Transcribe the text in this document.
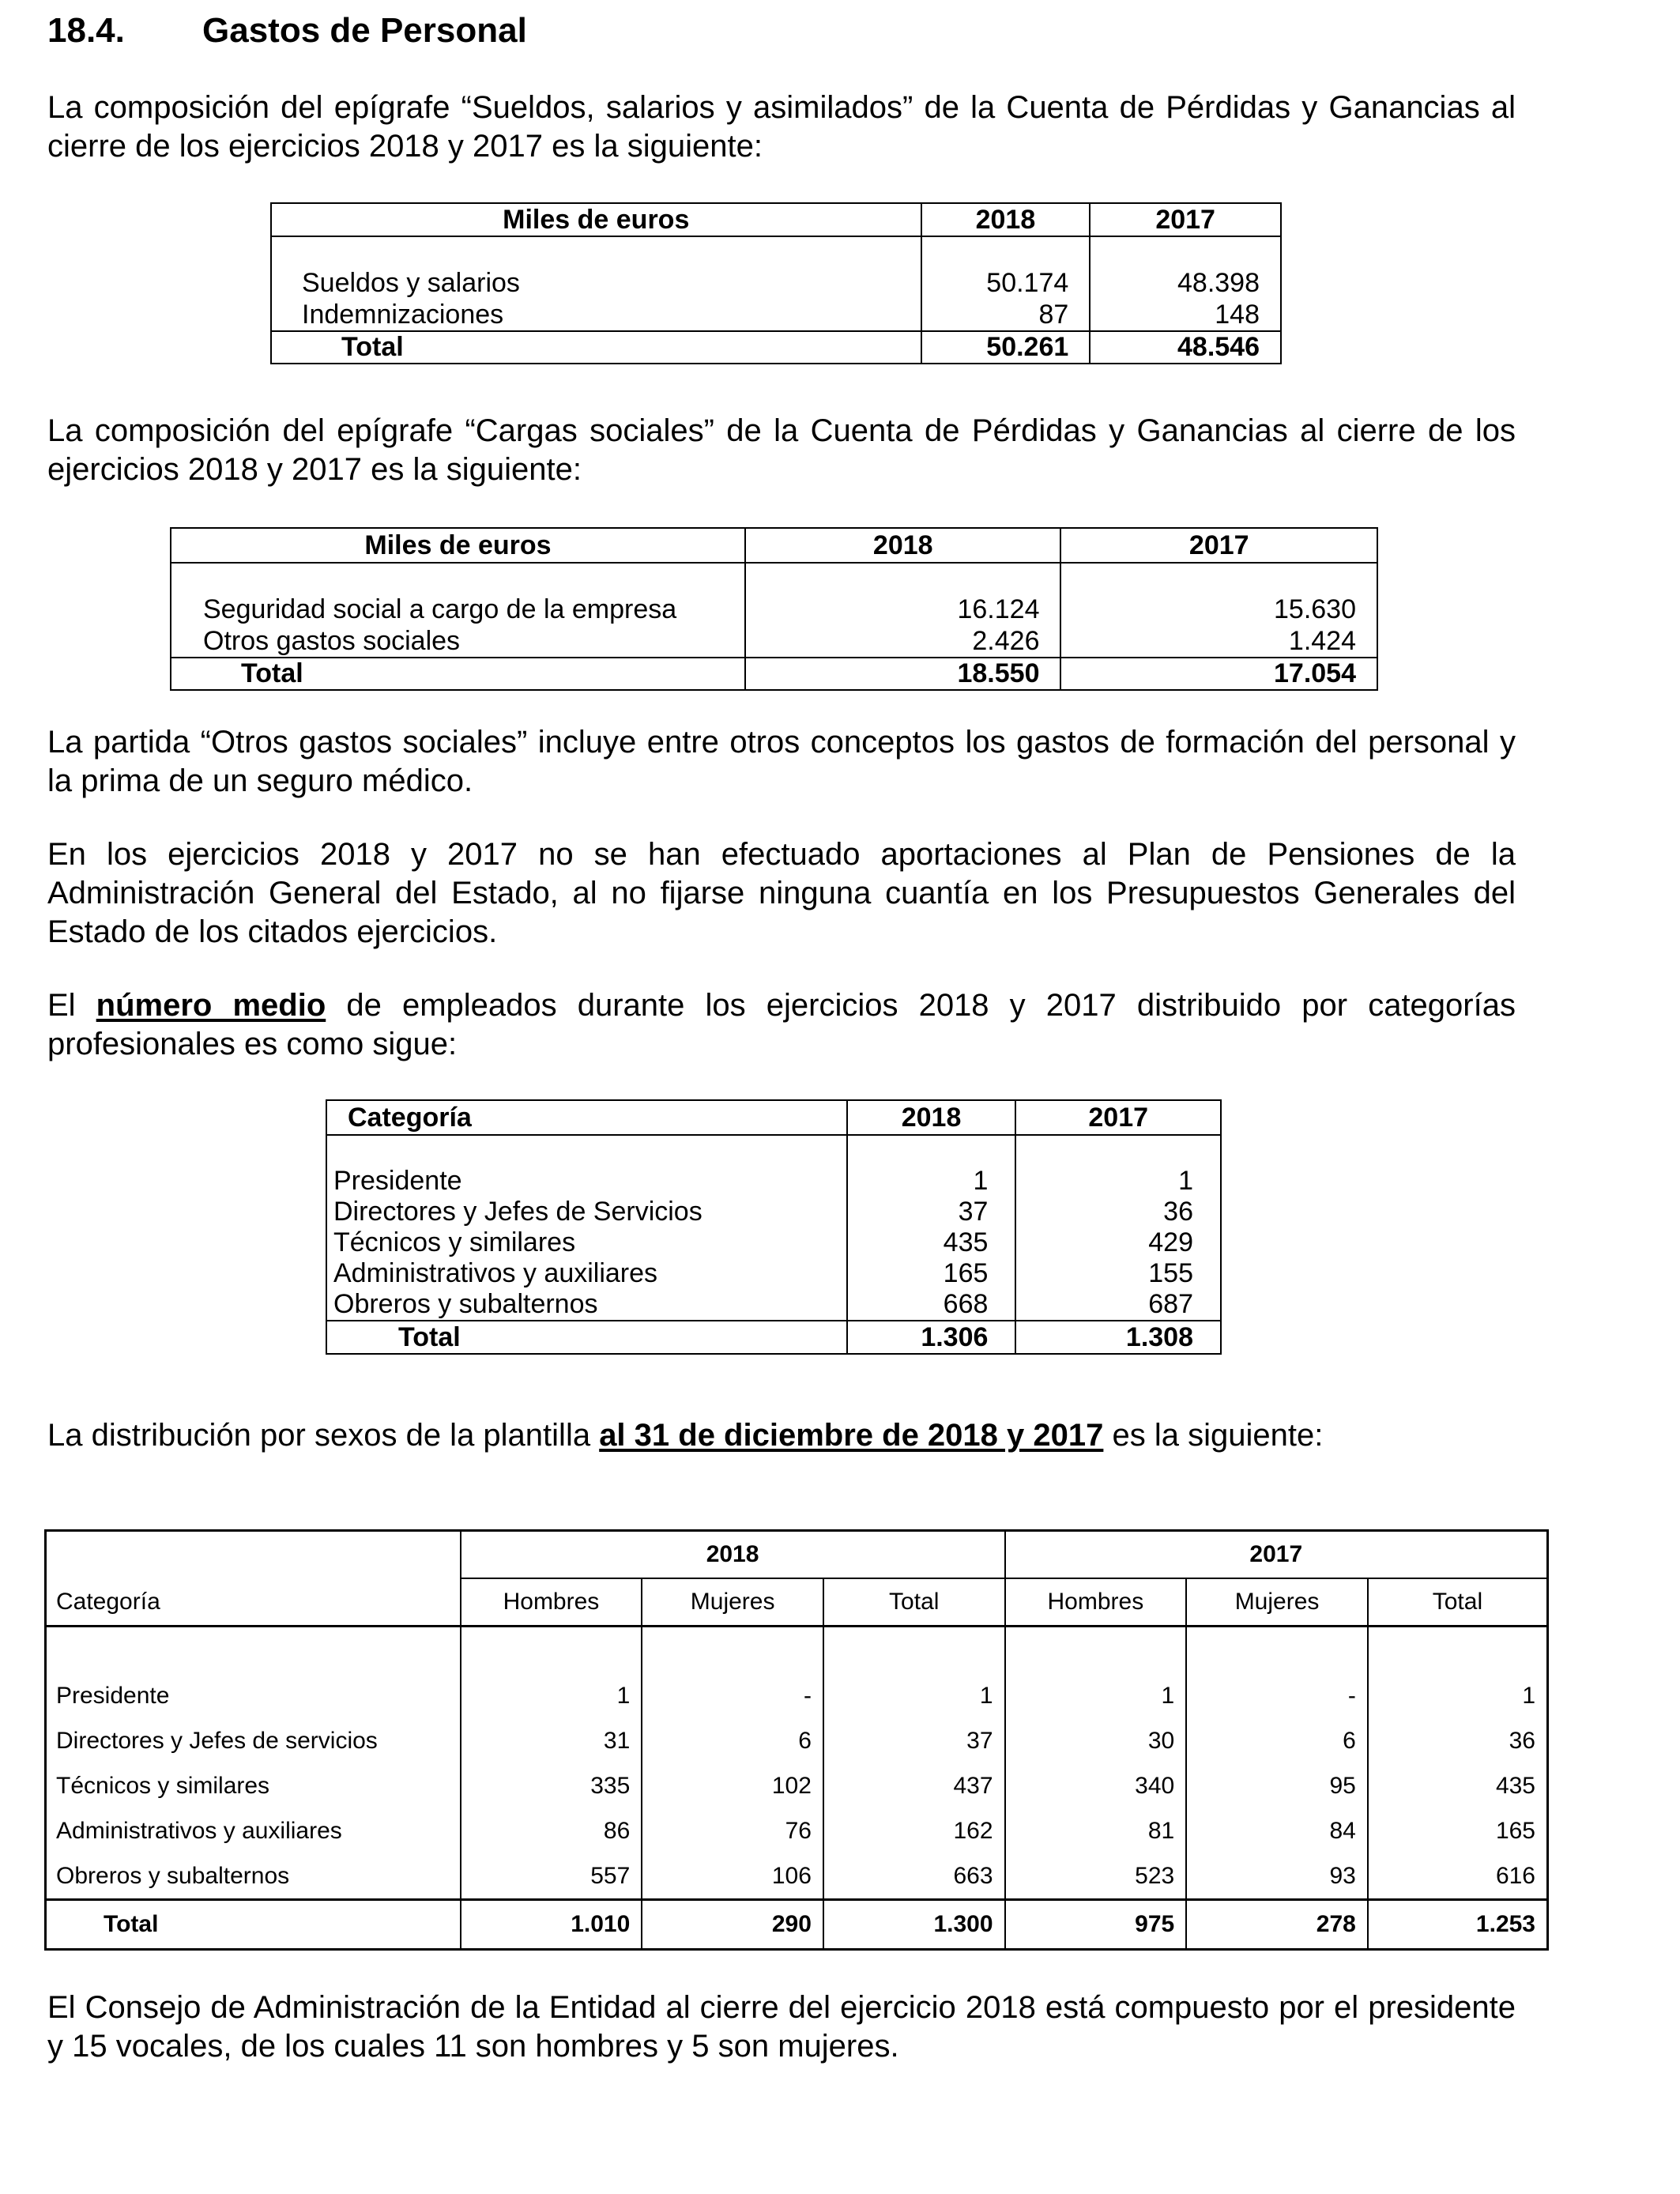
18.4. Gastos de Personal

La composición del epígrafe “Sueldos, salarios y asimilados” de la Cuenta de Pérdidas y Ganancias al cierre de los ejercicios 2018 y 2017 es la siguiente:

Miles de euros	2018	2017

Sueldos y salarios	50.174	48.398
Indemnizaciones	87	148
Total	50.261	48.546

La composición del epígrafe “Cargas sociales” de la Cuenta de Pérdidas y Ganancias al cierre de los ejercicios 2018 y 2017 es la siguiente:

Miles de euros	2018	2017

Seguridad social a cargo de la empresa	16.124	15.630
Otros gastos sociales	2.426	1.424
Total	18.550	17.054

La partida “Otros gastos sociales” incluye entre otros conceptos los gastos de formación del personal y la prima de un seguro médico.

En los ejercicios 2018 y 2017 no se han efectuado aportaciones al Plan de Pensiones de la Administración General del Estado, al no fijarse ninguna cuantía en los Presupuestos Generales del Estado de los citados ejercicios.

El número medio de empleados durante los ejercicios 2018 y 2017 distribuido por categorías profesionales es como sigue:

Categoría	2018	2017

Presidente	1	1
Directores y Jefes de Servicios	37	36
Técnicos y similares	435	429
Administrativos y auxiliares	165	155
Obreros y subalternos	668	687
Total	1.306	1.308

La distribución por sexos de la plantilla al 31 de diciembre de 2018 y 2017 es la siguiente:

	2018			2017		
Categoría	Hombres	Mujeres	Total	Hombres	Mujeres	Total

Presidente	1	-	1	1	-	1
Directores y Jefes de servicios	31	6	37	30	6	36
Técnicos y similares	335	102	437	340	95	435
Administrativos y auxiliares	86	76	162	81	84	165
Obreros y subalternos	557	106	663	523	93	616
Total	1.010	290	1.300	975	278	1.253

El Consejo de Administración de la Entidad al cierre del ejercicio 2018 está compuesto por el presidente y 15 vocales, de los cuales 11 son hombres y 5 son mujeres.
